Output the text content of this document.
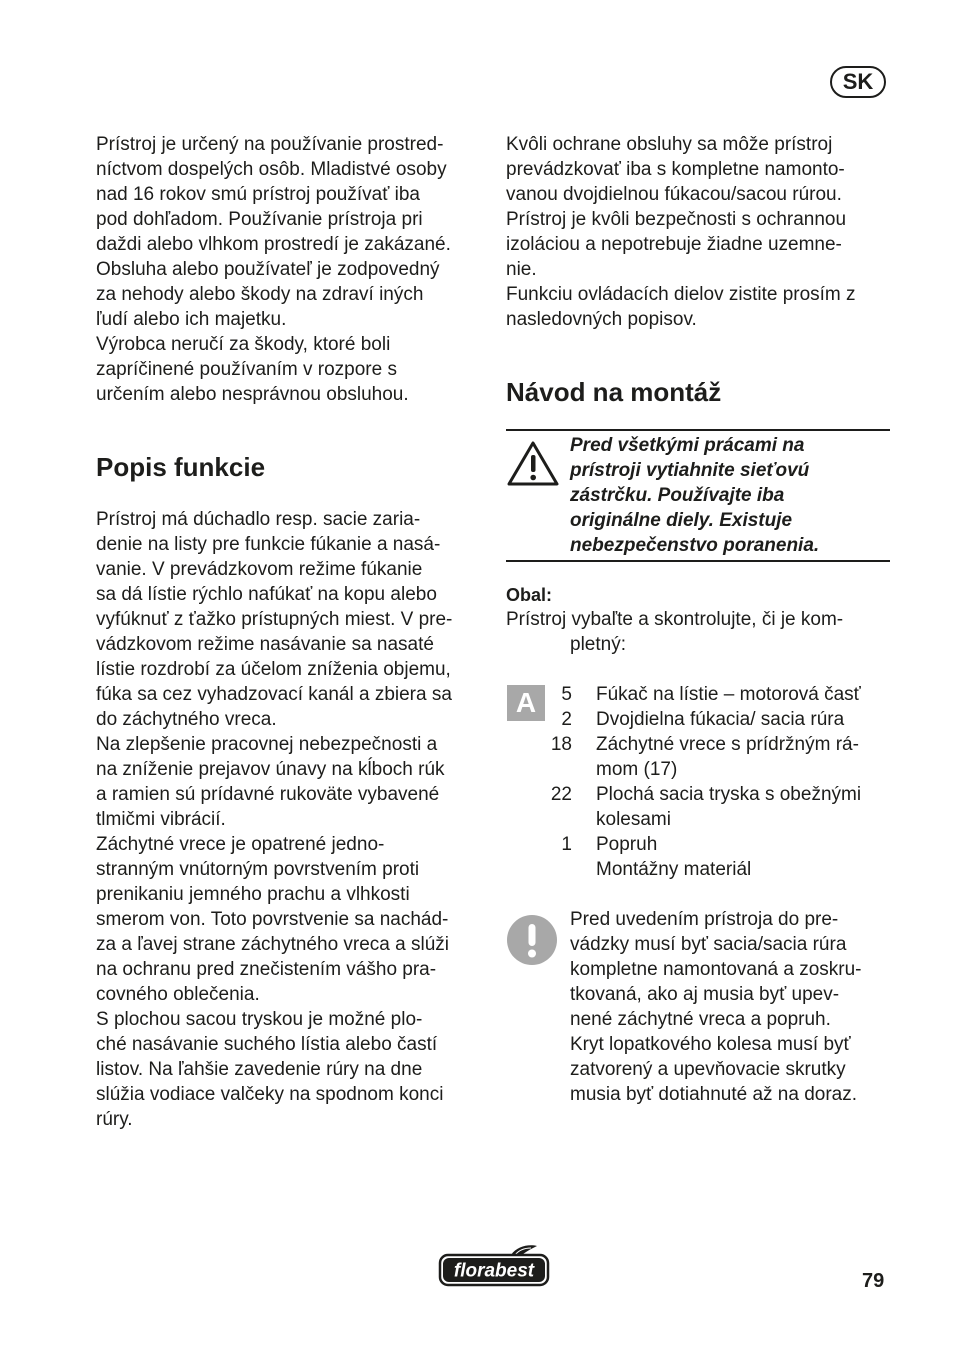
SK

Prístroj je určený na používanie prostred-
níctvom dospelých osôb. Mladistvé osoby
nad 16 rokov smú prístroj používať iba
pod dohľadom. Používanie prístroja pri
daždi alebo vlhkom prostredí je zakázané.
Obsluha alebo používateľ je zodpovedný
za nehody alebo škody na zdraví iných
ľudí alebo ich majetku.
Výrobca neručí za škody, ktoré boli
zapríčinené používaním v rozpore s
určením alebo nesprávnou obsluhou.

Popis funkcie

Prístroj má dúchadlo resp. sacie zaria-
denie na listy pre funkcie fúkanie a nasá-
vanie. V prevádzkovom režime fúkanie
sa dá lístie rýchlo nafúkať na kopu alebo
vyfúknuť z ťažko prístupných miest. V pre-
vádzkovom režime nasávanie sa nasaté
lístie rozdrobí za účelom zníženia objemu,
fúka sa cez vyhadzovací kanál a zbiera sa
do záchytného vreca.
Na zlepšenie pracovnej nebezpečnosti a
na zníženie prejavov únavy na kĺboch rúk
a ramien sú prídavné rukoväte vybavené
tlmičmi vibrácií.
Záchytné vrece je opatrené jedno-
stranným vnútorným povrstvením proti
prenikaniu jemného prachu a vlhkosti
smerom von. Toto povrstvenie sa nachád-
za a ľavej strane záchytného vreca a slúži
na ochranu pred znečistením vášho pra-
covného oblečenia.
S plochou sacou tryskou je možné plo-
ché nasávanie suchého lístia alebo častí
listov. Na ľahšie zavedenie rúry na dne
slúžia vodiace valčeky na spodnom konci
rúry.

Kvôli ochrane obsluhy sa môže prístroj
prevádzkovať iba s kompletne namonto-
vanou dvojdielnou fúkacou/sacou rúrou.
Prístroj je kvôli bezpečnosti s ochrannou
izoláciou a nepotrebuje žiadne uzemne-
nie.
Funkciu ovládacích dielov zistite prosím z
nasledovných popisov.

Návod na montáž
Pred všetkými prácami na
prístroji vytiahnite sieťovú
zástrčku. Používajte iba
originálne diely. Existuje
nebezpečenstvo poranenia.
Obal:
Prístroj vybaľte a skontrolujte, či je kom-
pletný:
A	5 Fúkač na lístie – motorová časť
2 Dvojdielna fúkacia/ sacia rúra
18 Záchytné vrece s prídržným rá-
mom (17)
22 Plochá sacia tryska s obežnými
kolesami
1 Popruh
Montážny materiál
Pred uvedením prístroja do pre-
vádzky musí byť sacia/sacia rúra
kompletne namontovaná a zoskru-
tkovaná, ako aj musia byť upev-
nené záchytné vreca a popruh.
Kryt lopatkového kolesa musí byť
zatvorený a upevňovacie skrutky
musia byť dotiahnuté až na doraz.
florabest	79
